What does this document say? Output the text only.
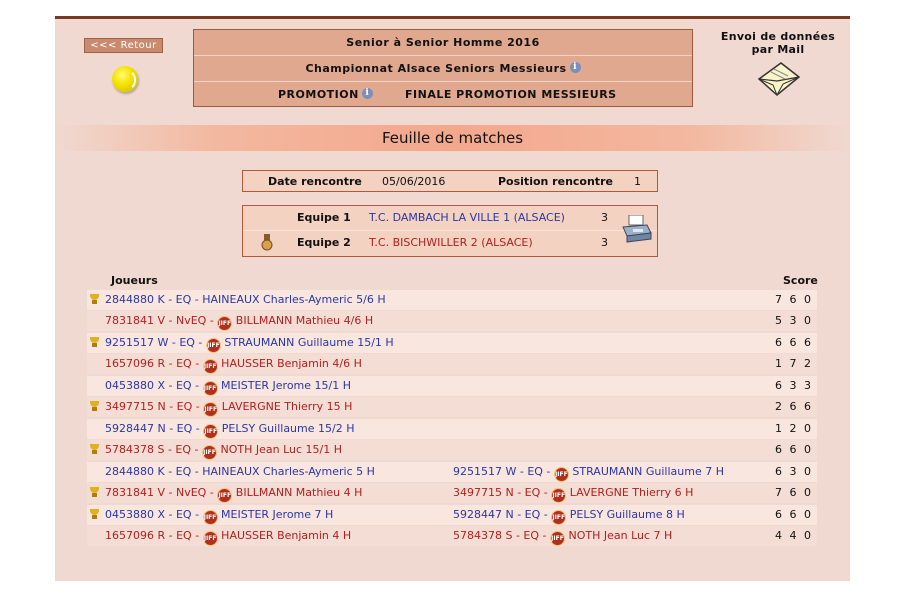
<<< Retour	Senior à Senior Homme 2016
Championnat Alsace Seniors Messieurs i
PROMOTION i	FINALE PROMOTION MESSIEURS
Envoi de données par Mail
Feuille de matches
Date rencontre 05/06/2016	Position rencontre 1
Equipe 1 T.C. DAMBACH LA VILLE 1 (ALSACE)	3
Equipe 2 T.C. BISCHWILLER 2 (ALSACE)	3
Joueurs	Score
2844880 K - EQ - HAINEAUX Charles-Aymeric 5/6 H	7 6 0
7831841 V - NvEQ - JIFF BILLMANN Mathieu 4/6 H	5 3 0
9251517 W - EQ - JIFF STRAUMANN Guillaume 15/1 H	6 6 6
1657096 R - EQ - JIFF HAUSSER Benjamin 4/6 H	1 7 2
0453880 X - EQ - JIFF MEISTER Jerome 15/1 H	6 3 3
3497715 N - EQ - JIFF LAVERGNE Thierry 15 H	2 6 6
5928447 N - EQ - JIFF PELSY Guillaume 15/2 H	1 2 0
5784378 S - EQ - JIFF NOTH Jean Luc 15/1 H	6 6 0
2844880 K - EQ - HAINEAUX Charles-Aymeric 5 H	9251517 W - EQ - JIFF STRAUMANN Guillaume 7 H	6 3 0
7831841 V - NvEQ - JIFF BILLMANN Mathieu 4 H	3497715 N - EQ - JIFF LAVERGNE Thierry 6 H	7 6 0
0453880 X - EQ - JIFF MEISTER Jerome 7 H	5928447 N - EQ - JIFF PELSY Guillaume 8 H	6 6 0
1657096 R - EQ - JIFF HAUSSER Benjamin 4 H	5784378 S - EQ - JIFF NOTH Jean Luc 7 H	4 4 0
